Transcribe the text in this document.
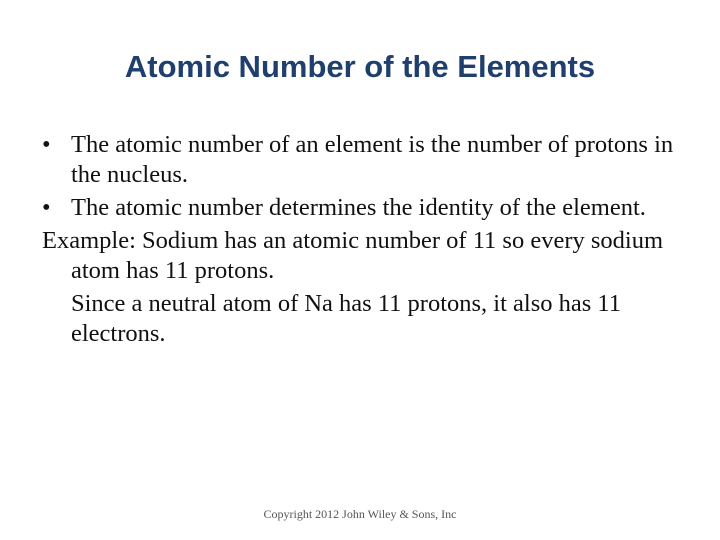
Atomic Number of the Elements
• The atomic number of an element is the number of protons in the nucleus.
• The atomic number determines the identity of the element.
Example: Sodium has an atomic number of 11 so every sodium atom has 11 protons.
Since a neutral atom of Na has 11 protons, it also has 11 electrons.
Copyright 2012 John Wiley & Sons, Inc
